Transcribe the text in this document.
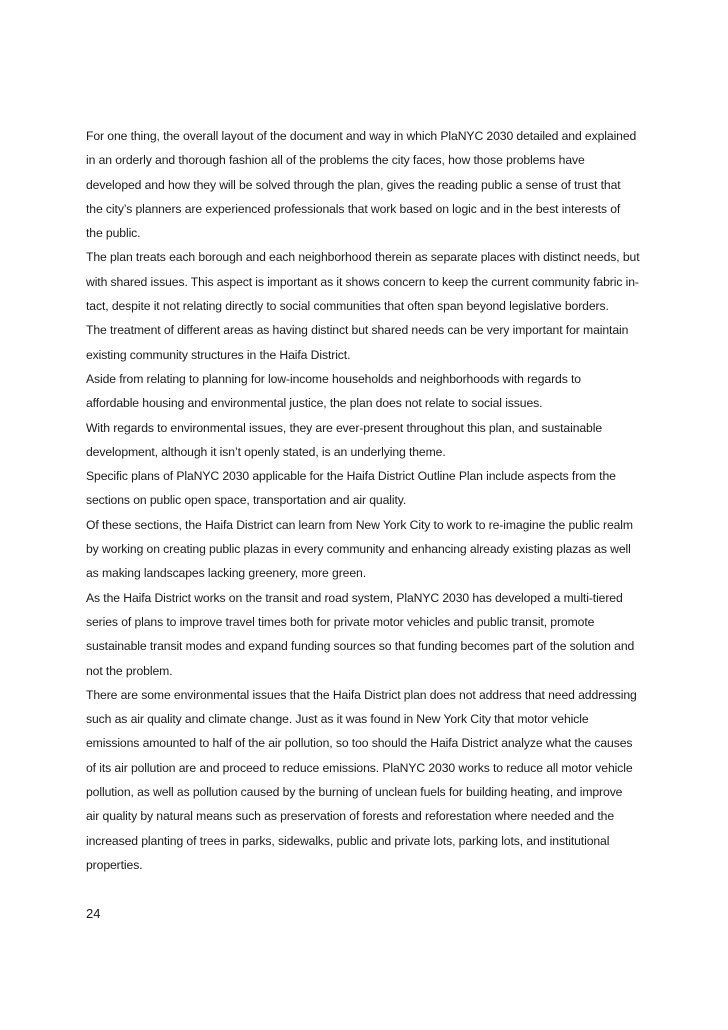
For one thing, the overall layout of the document and way in which PlaNYC 2030 detailed and explained
in an orderly and thorough fashion all of the problems the city faces, how those problems have
developed and how they will be solved through the plan, gives the reading public a sense of trust that
the city’s planners are experienced professionals that work based on logic and in the best interests of
the public.
The plan treats each borough and each neighborhood therein as separate places with distinct needs, but
with shared issues. This aspect is important as it shows concern to keep the current community fabric in-
tact, despite it not relating directly to social communities that often span beyond legislative borders.
The treatment of different areas as having distinct but shared needs can be very important for maintain
existing community structures in the Haifa District.
Aside from relating to planning for low-income households and neighborhoods with regards to
affordable housing and environmental justice, the plan does not relate to social issues.
With regards to environmental issues, they are ever-present throughout this plan, and sustainable
development, although it isn’t openly stated, is an underlying theme.
Specific plans of PlaNYC 2030 applicable for the Haifa District Outline Plan include aspects from the
sections on public open space, transportation and air quality.
Of these sections, the Haifa District can learn from New York City to work to re-imagine the public realm
by working on creating public plazas in every community and enhancing already existing plazas as well
as making landscapes lacking greenery, more green.
As the Haifa District works on the transit and road system, PlaNYC 2030 has developed a multi-tiered
series of plans to improve travel times both for private motor vehicles and public transit, promote
sustainable transit modes and expand funding sources so that funding becomes part of the solution and
not the problem.
There are some environmental issues that the Haifa District plan does not address that need addressing
such as air quality and climate change. Just as it was found in New York City that motor vehicle
emissions amounted to half of the air pollution, so too should the Haifa District analyze what the causes
of its air pollution are and proceed to reduce emissions. PlaNYC 2030 works to reduce all motor vehicle
pollution, as well as pollution caused by the burning of unclean fuels for building heating, and improve
air quality by natural means such as preservation of forests and reforestation where needed and the
increased planting of trees in parks, sidewalks, public and private lots, parking lots, and institutional
properties.
24
